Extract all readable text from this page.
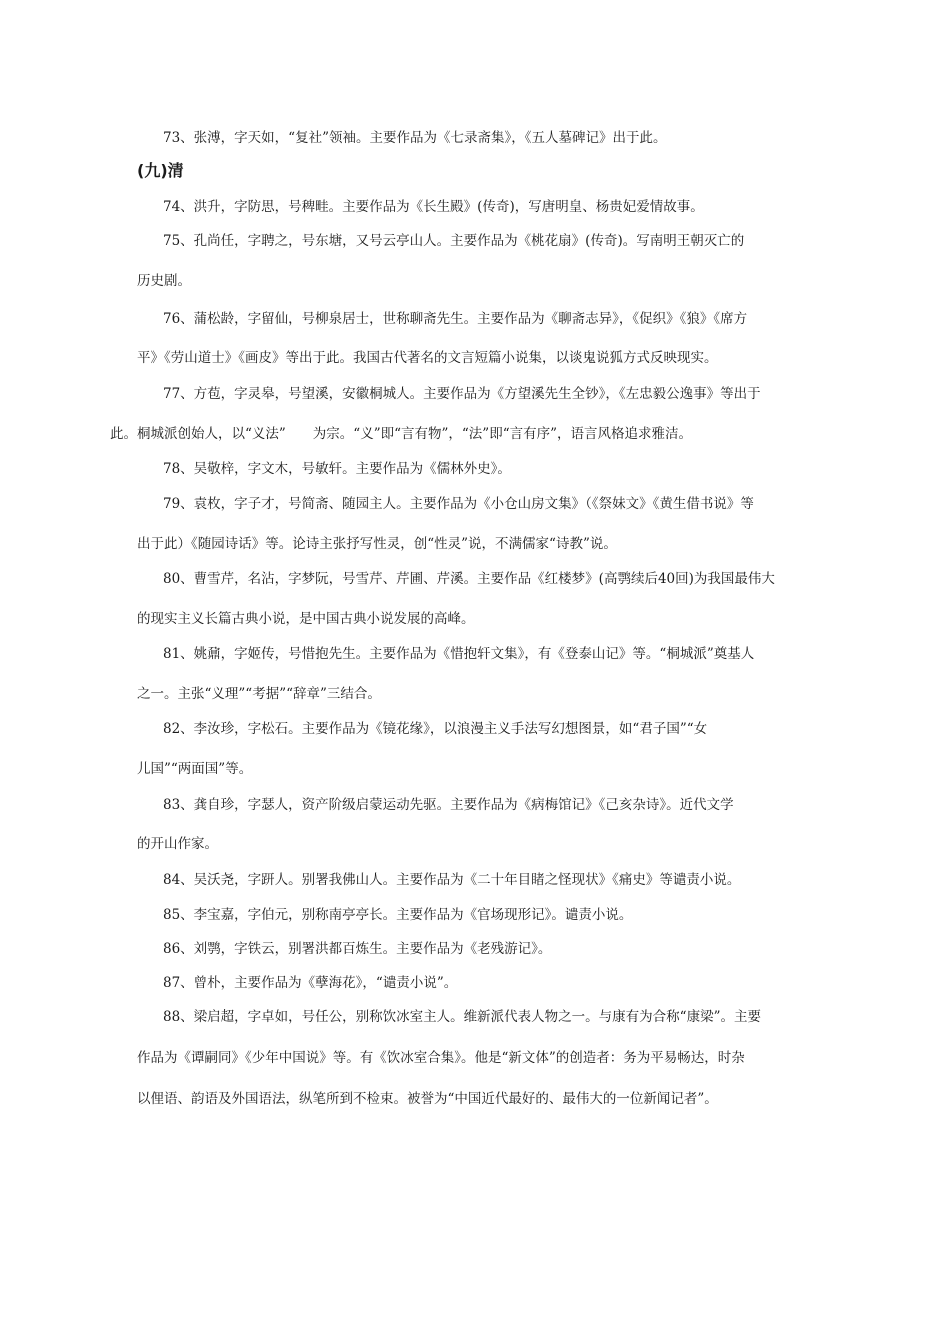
73、张溥，字天如，“复社”领袖。主要作品为《七录斋集》，《五人墓碑记》出于此。
(九)清
74、洪升，字防思，号稗畦。主要作品为《长生殿》(传奇)，写唐明皇、杨贵妃爱情故事。
75、孔尚任，字聘之，号东塘，又号云亭山人。主要作品为《桃花扇》(传奇)。写南明王朝灭亡的
历史剧。
76、蒲松龄，字留仙，号柳泉居士，世称聊斋先生。主要作品为《聊斋志异》，《促织》《狼》《席方
平》《劳山道士》《画皮》等出于此。我国古代著名的文言短篇小说集，以谈鬼说狐方式反映现实。
77、方苞，字灵皋，号望溪，安徽桐城人。主要作品为《方望溪先生全钞》，《左忠毅公逸事》等出于
此。桐城派创始人，以“义法”　　为宗。“义”即“言有物”，“法”即“言有序”，语言风格追求雅洁。
78、吴敬梓，字文木，号敏轩。主要作品为《儒林外史》。
79、袁枚，字子才，号简斋、随园主人。主要作品为《小仓山房文集》（《祭妹文》《黄生借书说》等
出于此）《随园诗话》等。论诗主张抒写性灵，创“性灵”说，不满儒家“诗教”说。
80、曹雪芹，名沾，字梦阮，号雪芹、芹圃、芹溪。主要作品《红楼梦》(高鹗续后40回)为我国最伟大
的现实主义长篇古典小说，是中国古典小说发展的高峰。
81、姚鼐，字姬传，号惜抱先生。主要作品为《惜抱轩文集》，有《登泰山记》等。“桐城派”奠基人
之一。主张“义理”“考据”“辞章”三结合。
82、李汝珍，字松石。主要作品为《镜花缘》，以浪漫主义手法写幻想图景，如“君子国”“女
儿国”“两面国”等。
83、龚自珍，字瑟人，资产阶级启蒙运动先驱。主要作品为《病梅馆记》《己亥杂诗》。近代文学
的开山作家。
84、吴沃尧，字趼人。别署我佛山人。主要作品为《二十年目睹之怪现状》《痛史》等谴责小说。
85、李宝嘉，字伯元，别称南亭亭长。主要作品为《官场现形记》。谴责小说。
86、刘鹗，字铁云，别署洪都百炼生。主要作品为《老残游记》。
87、曾朴，主要作品为《孽海花》，“谴责小说”。
88、梁启超，字卓如，号任公，别称饮冰室主人。维新派代表人物之一。与康有为合称“康梁”。主要
作品为《谭嗣同》《少年中国说》等。有《饮冰室合集》。他是“新文体”的创造者：务为平易畅达，时杂
以俚语、韵语及外国语法，纵笔所到不检束。被誉为“中国近代最好的、最伟大的一位新闻记者”。
